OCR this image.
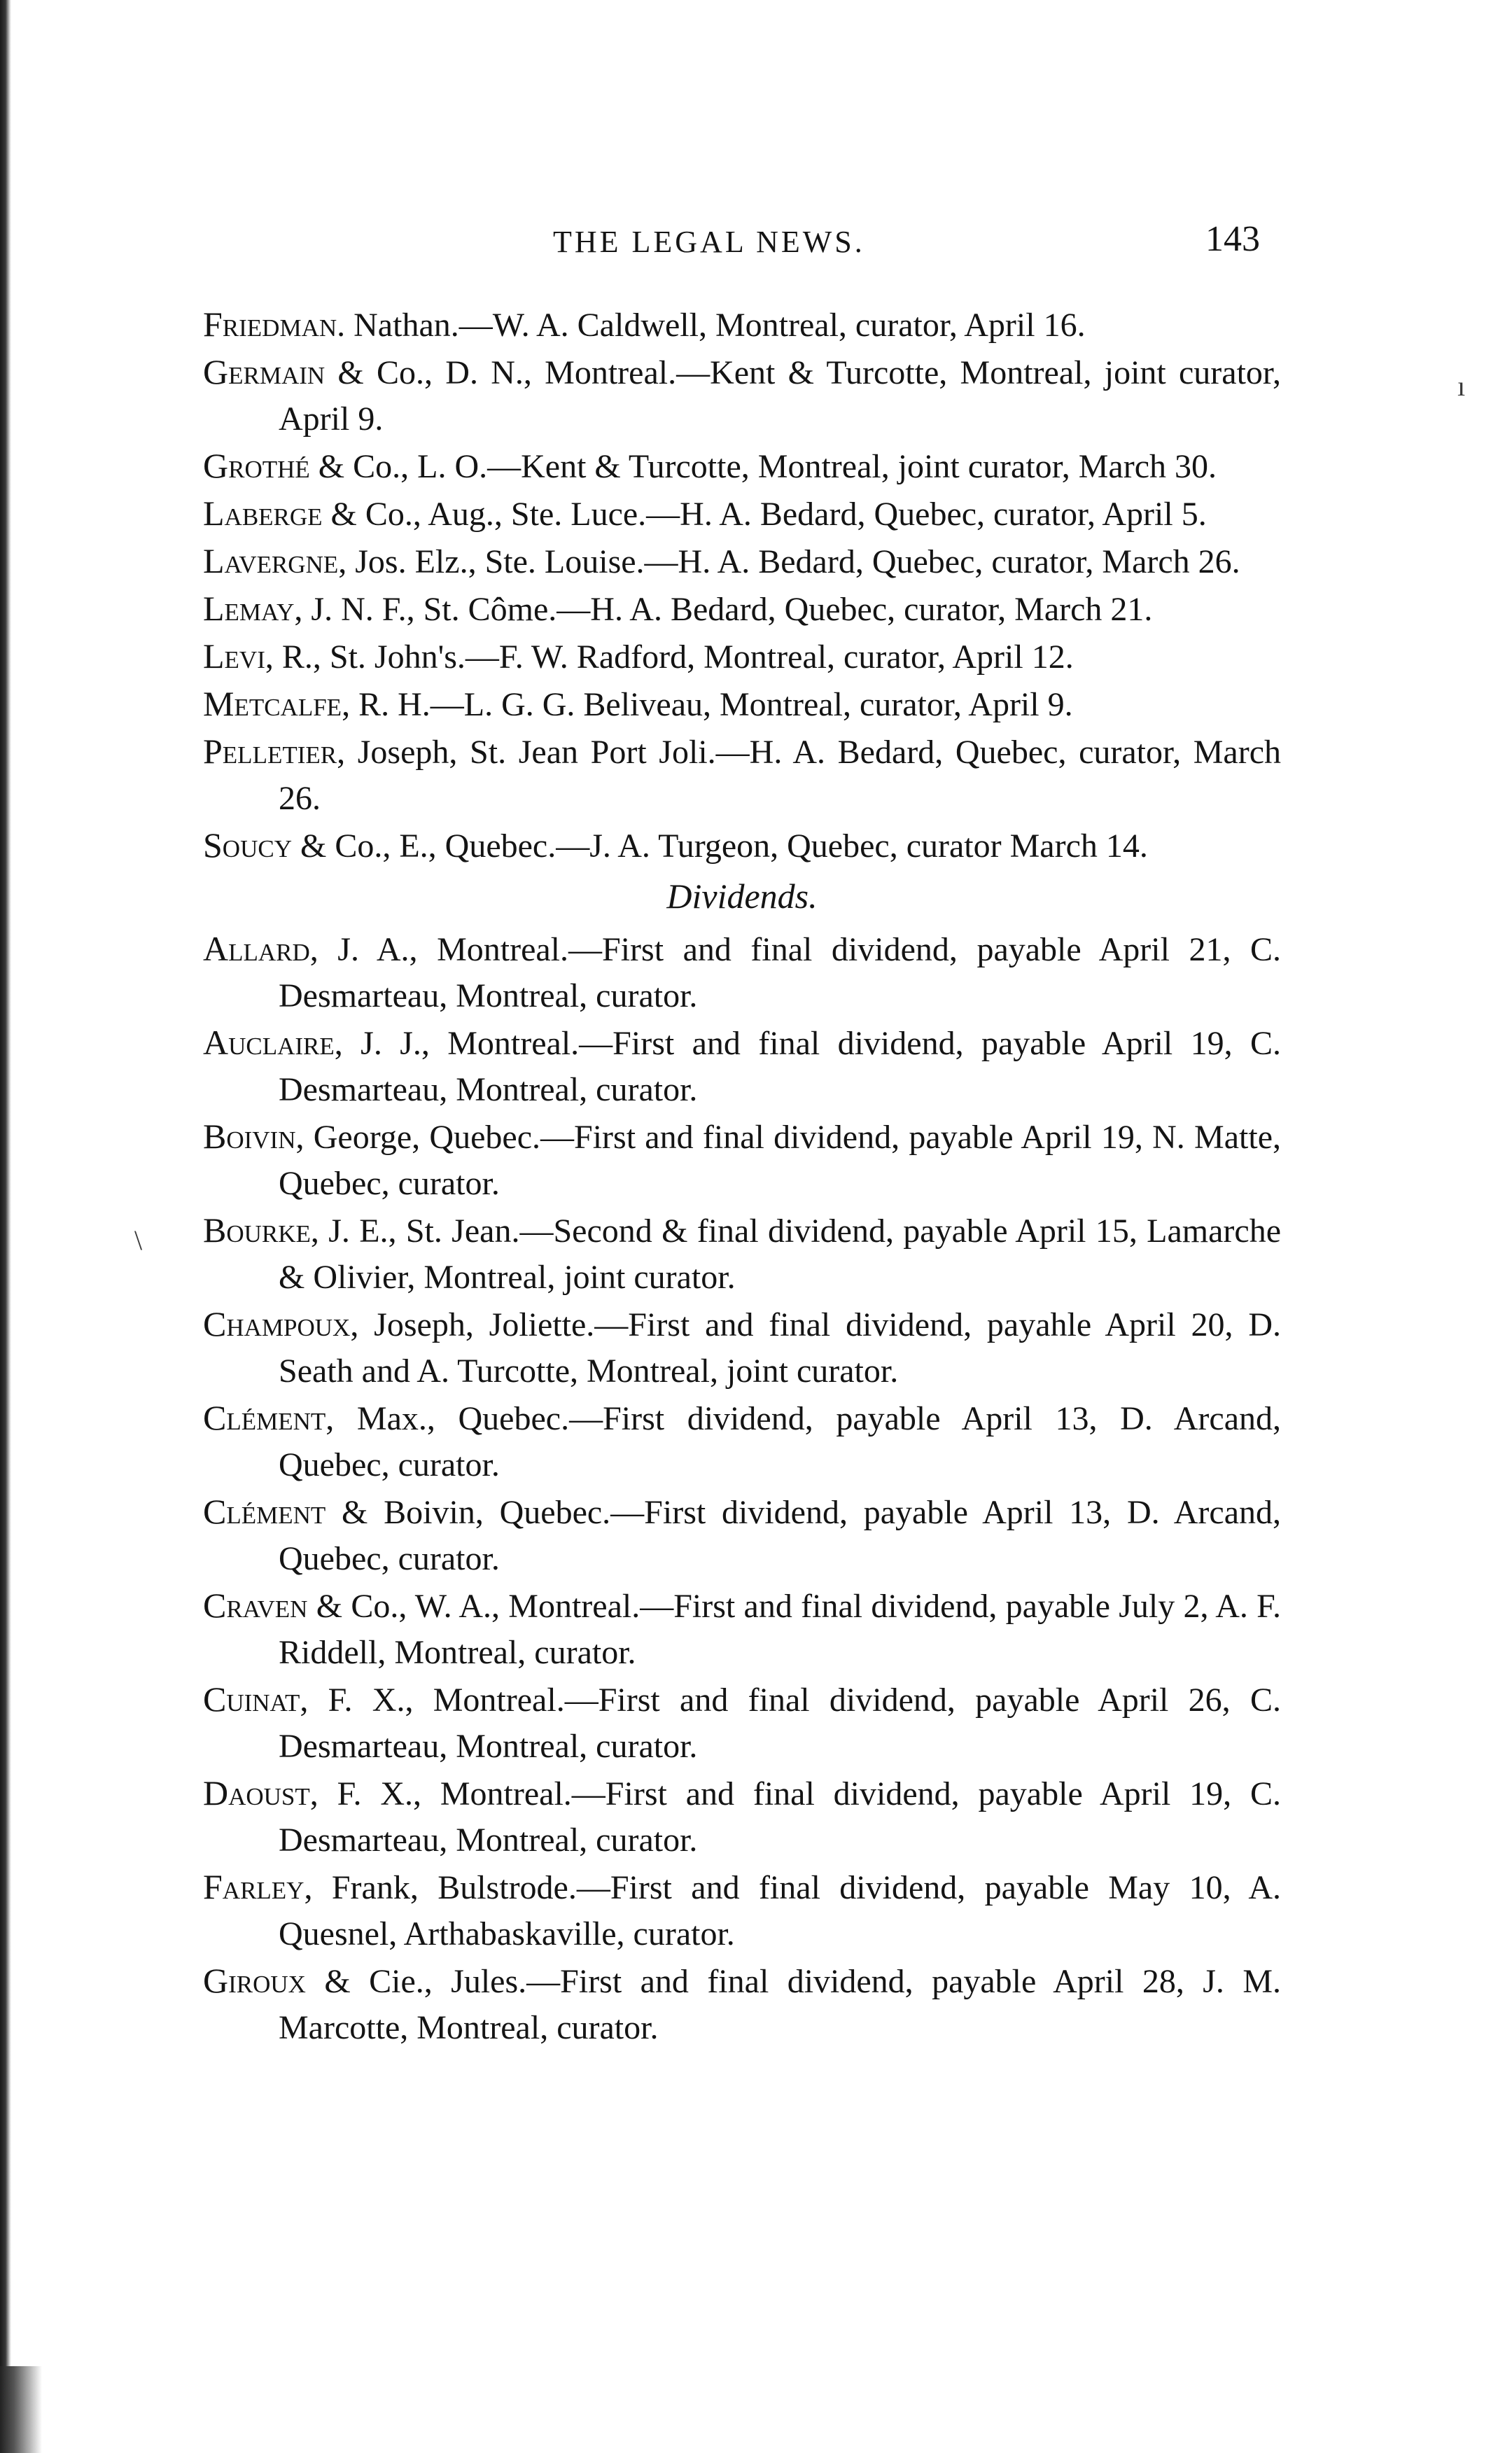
THE LEGAL NEWS.	143
ı
\

Friedman. Nathan.—W. A. Caldwell, Montreal, curator, April 16.

Germain & Co., D. N., Montreal.—Kent & Turcotte, Montreal, joint curator, April 9.

Grothé & Co., L. O.—Kent & Turcotte, Montreal, joint curator, March 30.

Laberge & Co., Aug., Ste. Luce.—H. A. Bedard, Quebec, curator, April 5.

Lavergne, Jos. Elz., Ste. Louise.—H. A. Bedard, Quebec, curator, March 26.

Lemay, J. N. F., St. Côme.—H. A. Bedard, Quebec, curator, March 21.

Levi, R., St. John's.—F. W. Radford, Montreal, curator, April 12.

Metcalfe, R. H.—L. G. G. Beliveau, Montreal, curator, April 9.

Pelletier, Joseph, St. Jean Port Joli.—H. A. Bedard, Quebec, curator, March 26.

Soucy & Co., E., Quebec.—J. A. Turgeon, Quebec, curator March 14.

Dividends.

Allard, J. A., Montreal.—First and final dividend, payable April 21, C. Desmarteau, Montreal, curator.

Auclaire, J. J., Montreal.—First and final dividend, payable April 19, C. Desmarteau, Montreal, curator.

Boivin, George, Quebec.—First and final dividend, payable April 19, N. Matte, Quebec, curator.

Bourke, J. E., St. Jean.—Second & final dividend, payable April 15, Lamarche & Olivier, Montreal, joint curator.

Champoux, Joseph, Joliette.—First and final dividend, payahle April 20, D. Seath and A. Turcotte, Montreal, joint curator.

Clément, Max., Quebec.—First dividend, payable April 13, D. Arcand, Quebec, curator.

Clément & Boivin, Quebec.—First dividend, payable April 13, D. Arcand, Quebec, curator.

Craven & Co., W. A., Montreal.—First and final dividend, payable July 2, A. F. Riddell, Montreal, curator.

Cuinat, F. X., Montreal.—First and final dividend, payable April 26, C. Desmarteau, Montreal, curator.

Daoust, F. X., Montreal.—First and final dividend, payable April 19, C. Desmarteau, Montreal, curator.

Farley, Frank, Bulstrode.—First and final dividend, payable May 10, A. Quesnel, Arthabaskaville, curator.

Giroux & Cie., Jules.—First and final dividend, payable April 28, J. M. Marcotte, Montreal, curator.
